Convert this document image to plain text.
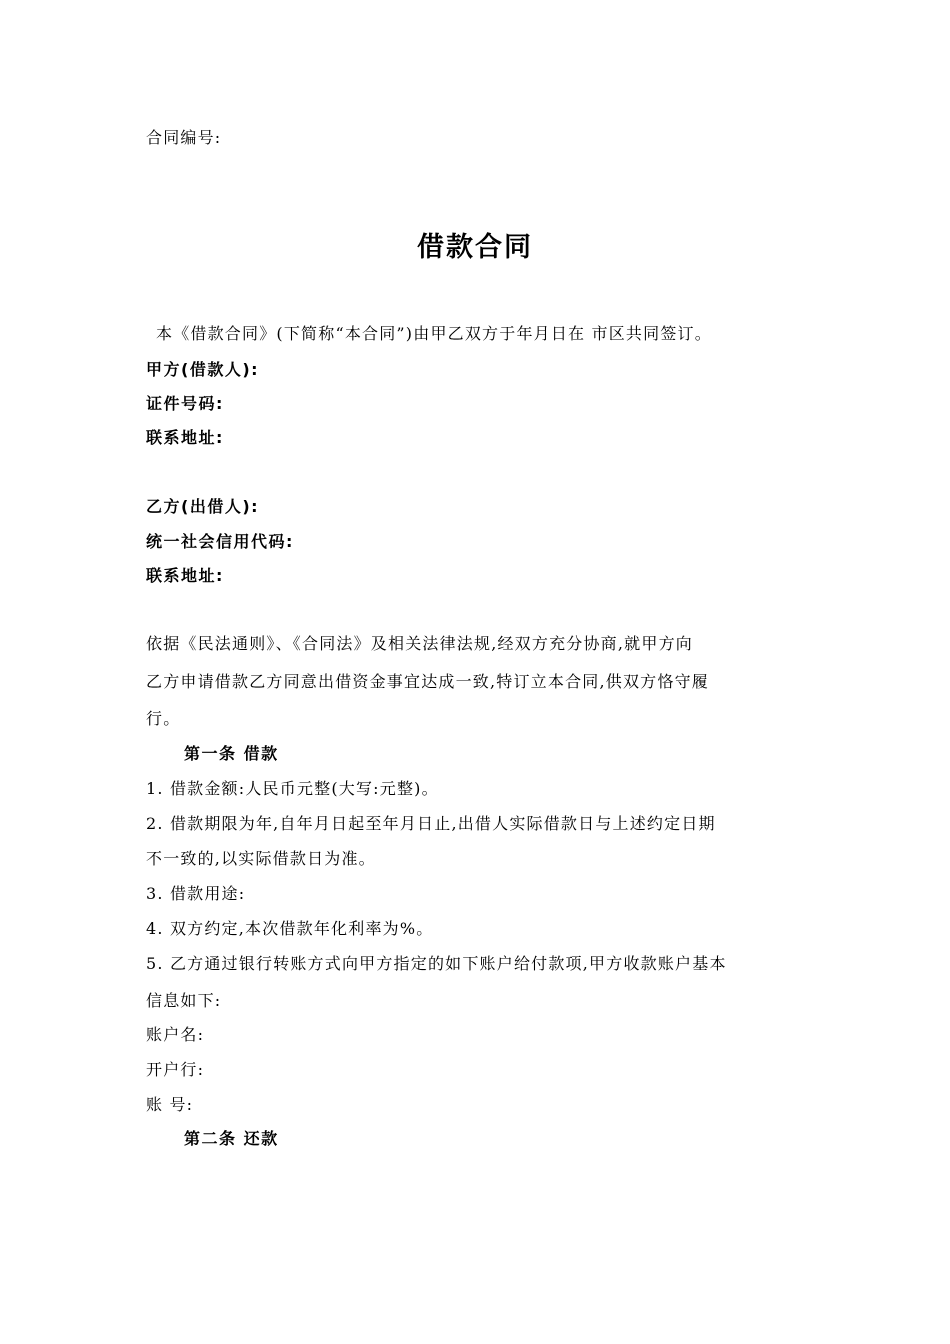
合同编号:
借款合同
本《借款合同》(下简称“本合同”)由甲乙双方于年月日在 市区共同签订。
甲方(借款人):
证件号码:
联系地址:
乙方(出借人):
统一社会信用代码:
联系地址:
依据《民法通则》、《合同法》及相关法律法规,经双方充分协商,就甲方向
乙方申请借款乙方同意出借资金事宜达成一致,特订立本合同,供双方恪守履
行。
第一条 借款
1. 借款金额:人民币元整(大写:元整)。
2. 借款期限为年,自年月日起至年月日止,出借人实际借款日与上述约定日期
不一致的,以实际借款日为准。
3. 借款用途:
4. 双方约定,本次借款年化利率为%。
5. 乙方通过银行转账方式向甲方指定的如下账户给付款项,甲方收款账户基本
信息如下:
账户名:
开户行:
账 号:
第二条 还款
